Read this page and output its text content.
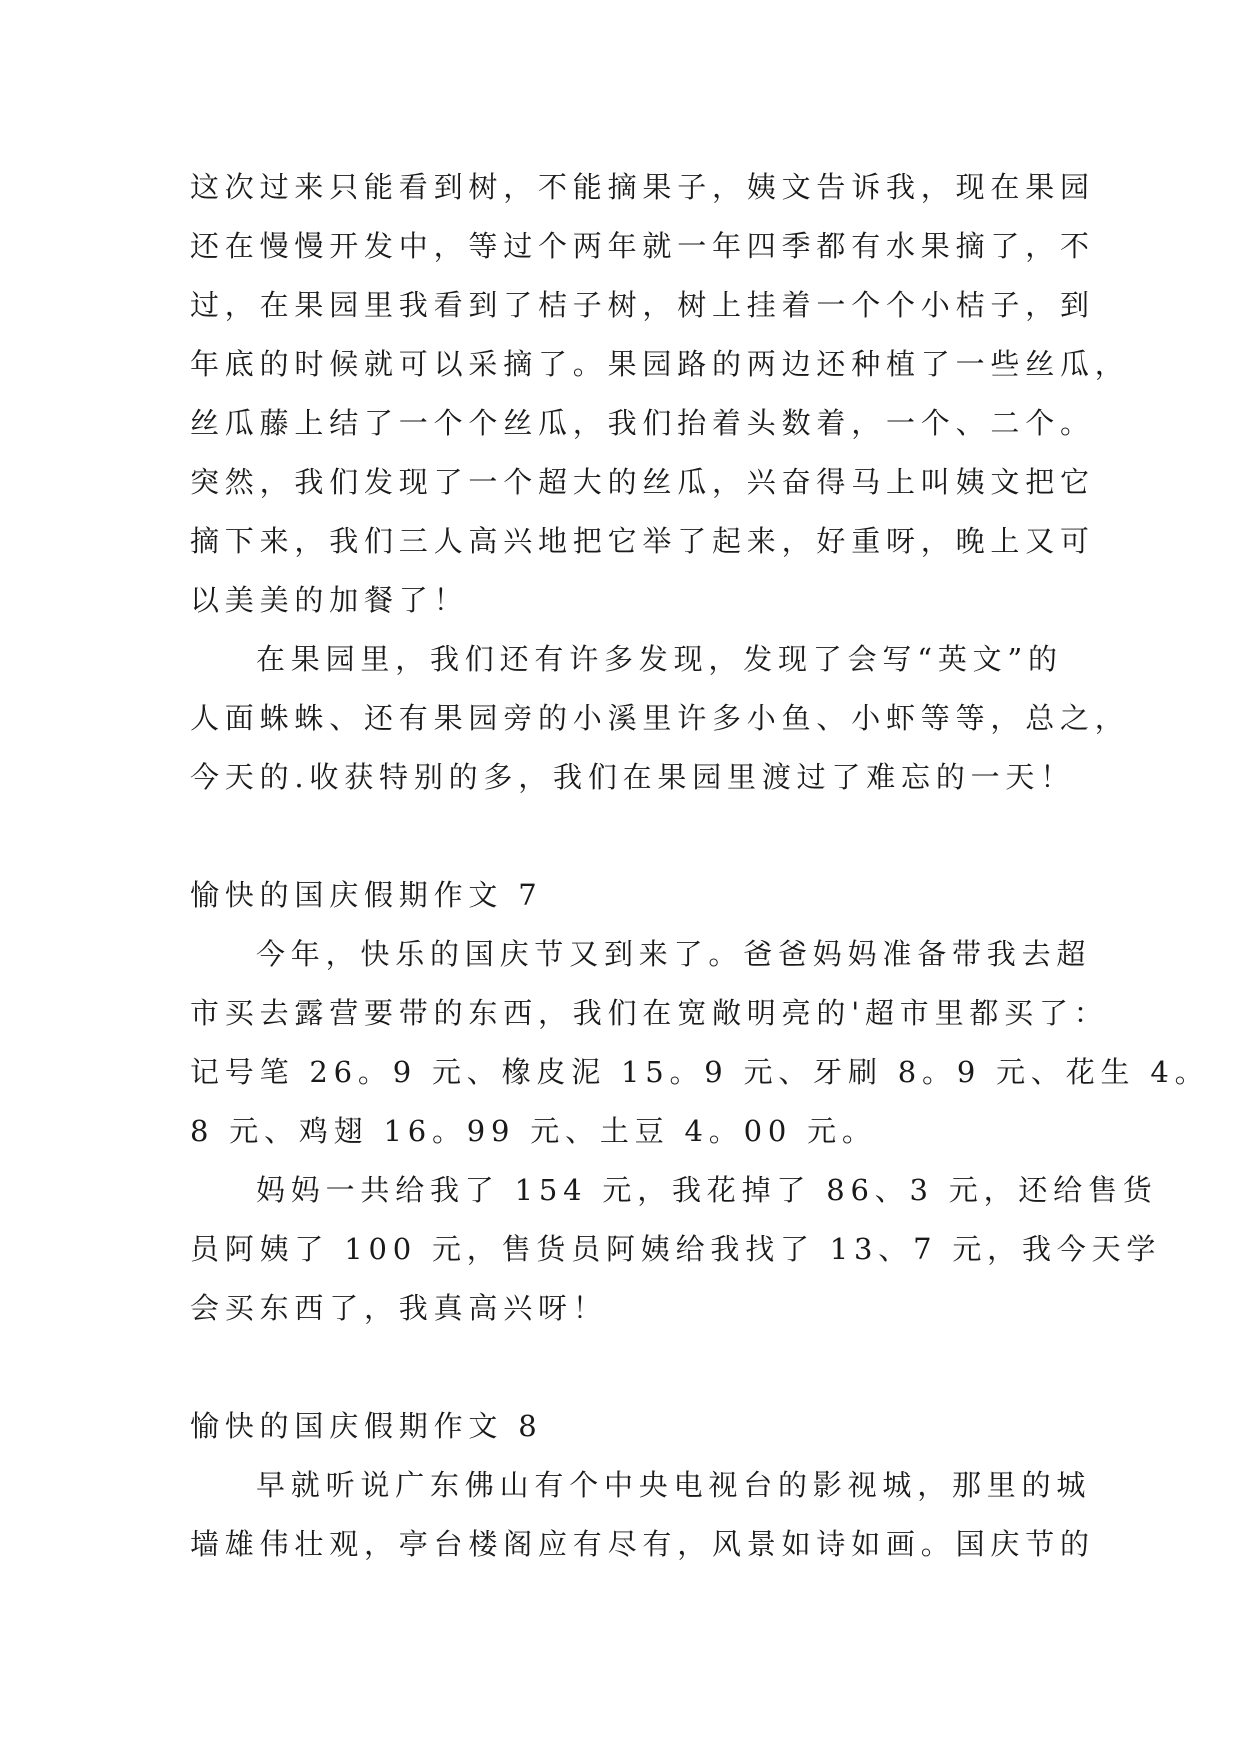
这次过来只能看到树，不能摘果子，姨文告诉我，现在果园
还在慢慢开发中，等过个两年就一年四季都有水果摘了，不
过，在果园里我看到了桔子树，树上挂着一个个小桔子，到
年底的时候就可以采摘了。果园路的两边还种植了一些丝瓜，
丝瓜藤上结了一个个丝瓜，我们抬着头数着，一个、二个。
突然，我们发现了一个超大的丝瓜，兴奋得马上叫姨文把它
摘下来，我们三人高兴地把它举了起来，好重呀，晚上又可
以美美的加餐了！
在果园里，我们还有许多发现，发现了会写“英文”的
人面蛛蛛、还有果园旁的小溪里许多小鱼、小虾等等，总之，
今天的.收获特别的多，我们在果园里渡过了难忘的一天！
愉快的国庆假期作文 7
今年，快乐的国庆节又到来了。爸爸妈妈准备带我去超
市买去露营要带的东西，我们在宽敞明亮的'超市里都买了：
记号笔 26。9 元、橡皮泥 15。9 元、牙刷 8。9 元、花生 4。
8 元、鸡翅 16。99 元、土豆 4。00 元。
妈妈一共给我了 154 元，我花掉了 86、3 元，还给售货
员阿姨了 100 元，售货员阿姨给我找了 13、7 元，我今天学
会买东西了，我真高兴呀！
愉快的国庆假期作文 8
早就听说广东佛山有个中央电视台的影视城，那里的城
墙雄伟壮观，亭台楼阁应有尽有，风景如诗如画。国庆节的
